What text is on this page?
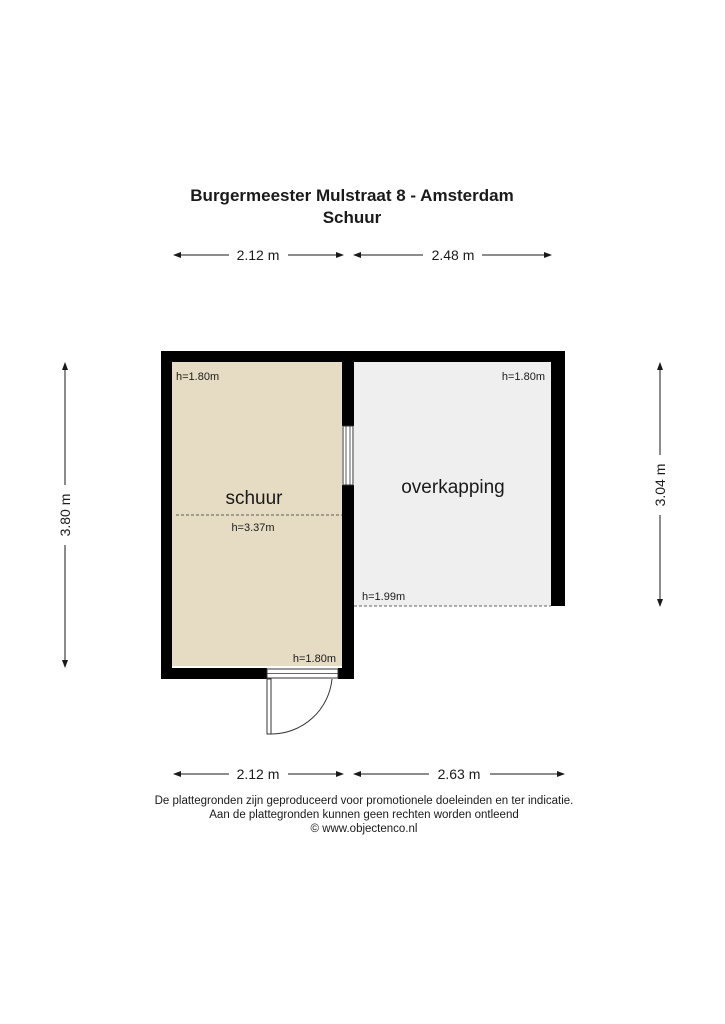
Burgermeester Mulstraat 8 - Amsterdam
Schuur
2.12 m	2.48 m
3.80 m
3.04 m
schuur
overkapping
h=1.80m
h=3.37m
h=1.80m
h=1.80m
h=1.99m
2.12 m	2.63 m
De plattegronden zijn geproduceerd voor promotionele doeleinden en ter indicatie.
Aan de plattegronden kunnen geen rechten worden ontleend
© www.objectenco.nl
